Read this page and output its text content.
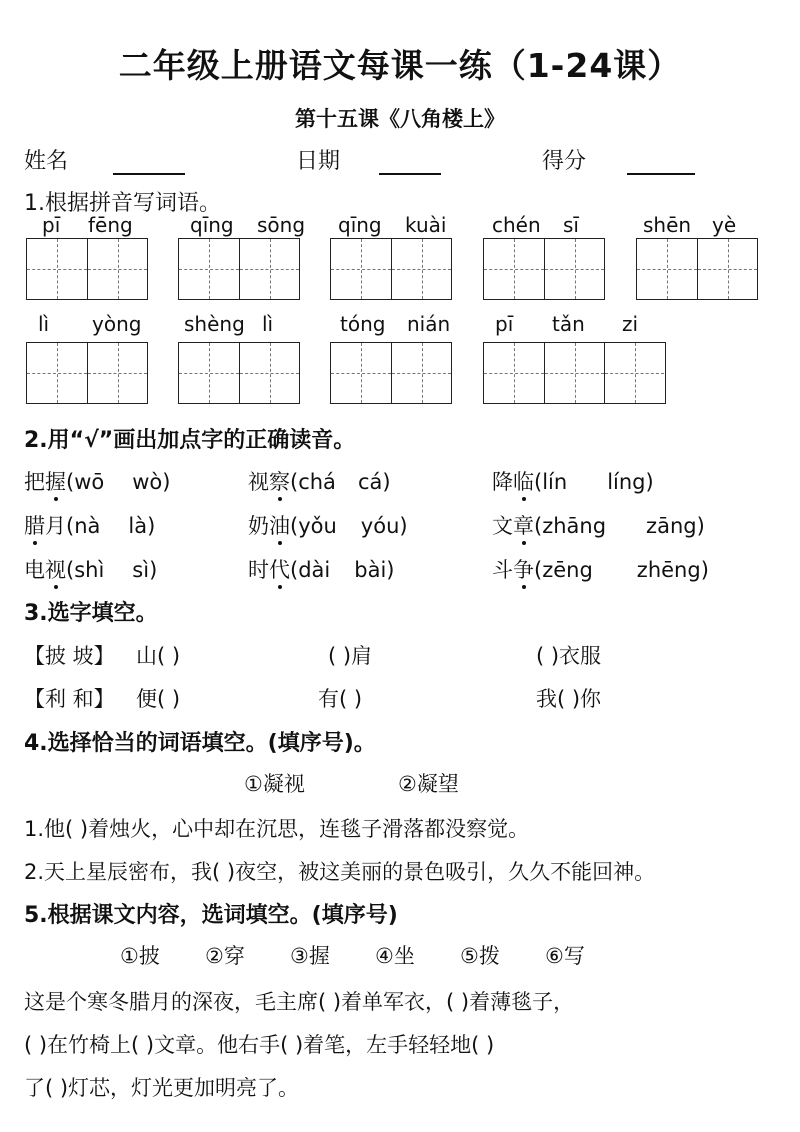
二年级上册语文每课一练（1-24课）
第十五课《八角楼上》
姓名	日期	得分
1.根据拼音写词语。
pī fēng	qīng sōng qīng kuài chén sī	shēn yè
lì yòng shèng lì	tóng nián pī tǎn zi
2.用“√”画出加点字的正确读音。
把握(wō wò)	视察(chá cá)	降临(lín líng)
腊月(nà là)	奶油(yǒu yóu)	文章(zhāng zāng)
电视(shì sì)	时代(dài bài)	斗争(zēng zhēng)
3.选字填空。
【披 坡】 山( )	( )肩	( )衣服
【利 和】 便( )	有( )	我( )你
4.选择恰当的词语填空。(填序号)。
①凝视	②凝望
1.他( )着烛火，心中却在沉思，连毯子滑落都没察觉。
2.天上星辰密布，我( )夜空，被这美丽的景色吸引，久久不能回神。
5.根据课文内容，选词填空。(填序号)
①披 ②穿 ③握 ④坐 ⑤拨 ⑥写
这是个寒冬腊月的深夜，毛主席( )着单军衣，( )着薄毯子，
( )在竹椅上( )文章。他右手( )着笔，左手轻轻地( )
了( )灯芯，灯光更加明亮了。
